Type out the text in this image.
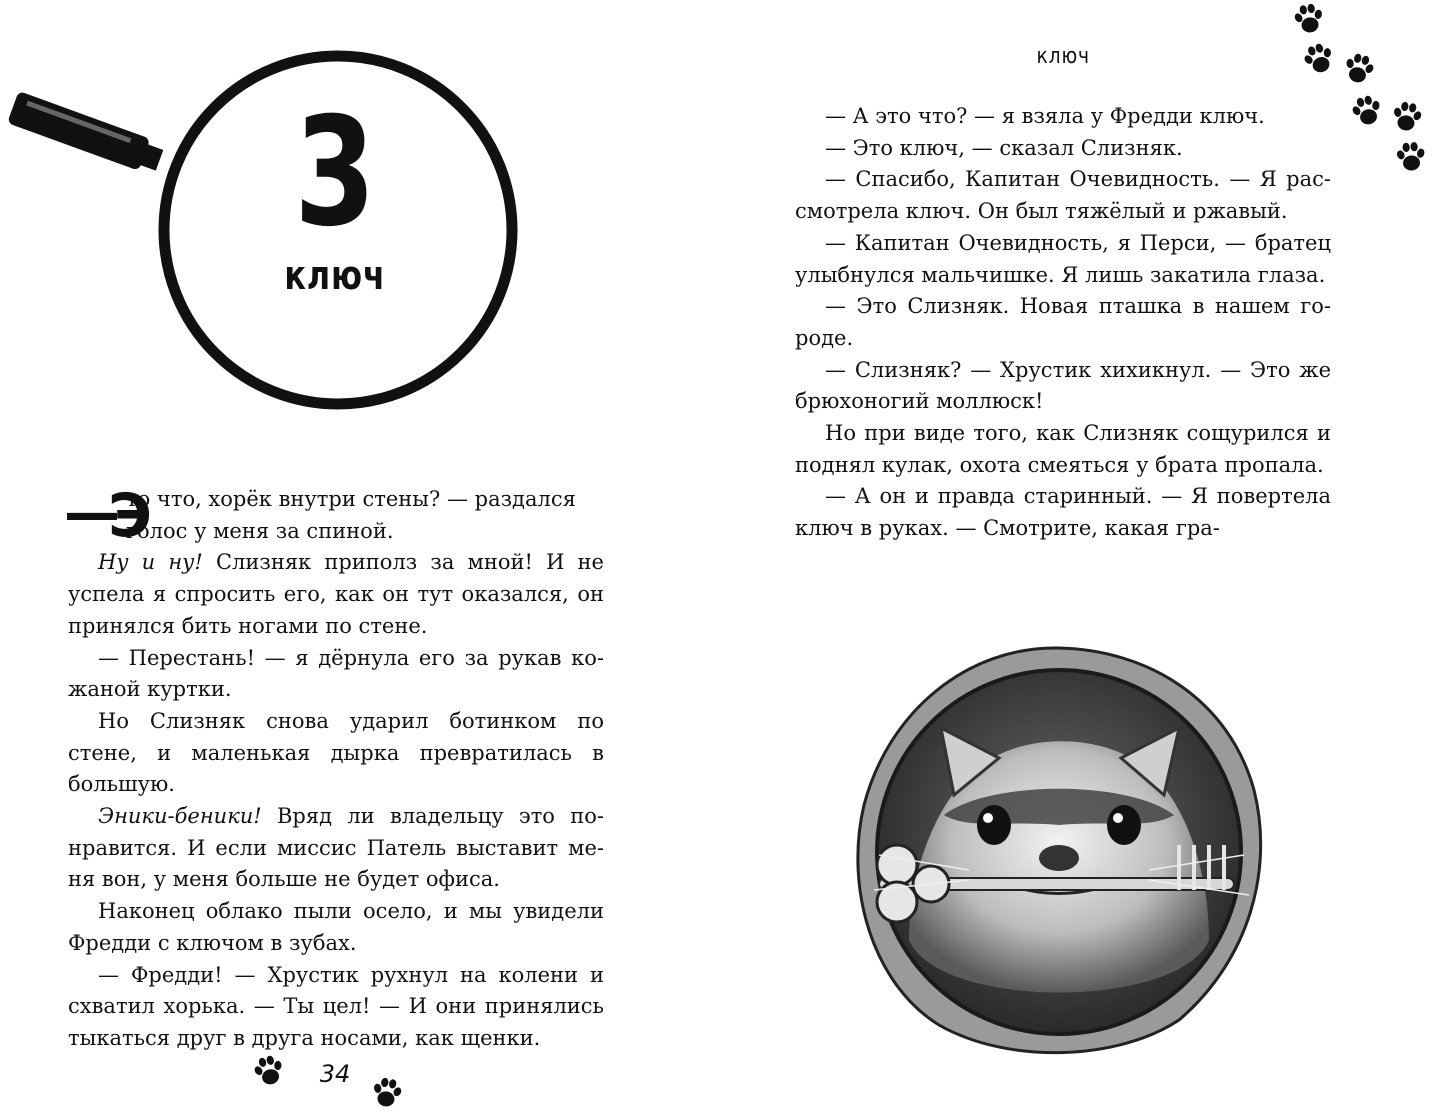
3
ключ
—
Э

то что, хорёк внутри стены? — раздался
голос у меня за спиной.

Ну и ну! Слизняк приполз за мной! И не успела я спросить его, как он тут оказался, он принялся бить ногами по стене.

— Перестань! — я дёрнула его за рукав кожаной куртки.

Но Слизняк снова ударил ботинком по стене, и маленькая дырка превратилась в большую.

Эники-беники! Вряд ли владельцу это понравится. И если миссис Патель выставит меня вон, у меня больше не будет офиса.

Наконец облако пыли осело, и мы увидели Фредди с ключом в зубах.

— Фредди! — Хрустик рухнул на колени и схватил хорька. — Ты цел! — И они принялись тыкаться друг в друга носами, как щенки.

34
ключ

— А это что? — я взяла у Фредди ключ.

— Это ключ, — сказал Слизняк.

— Спасибо, Капитан Очевидность. — Я рассмотрела ключ. Он был тяжёлый и ржавый.

— Капитан Очевидность, я Перси, — братец улыбнулся мальчишке. Я лишь закатила глаза.

— Это Слизняк. Новая пташка в нашем городе.

— Слизняк? — Хрустик хихикнул. — Это же брюхоногий моллюск!

Но при виде того, как Слизняк сощурился и поднял кулак, охота смеяться у брата пропала.

— А он и правда старинный. — Я повертела ключ в руках. — Смотрите, какая гра-
